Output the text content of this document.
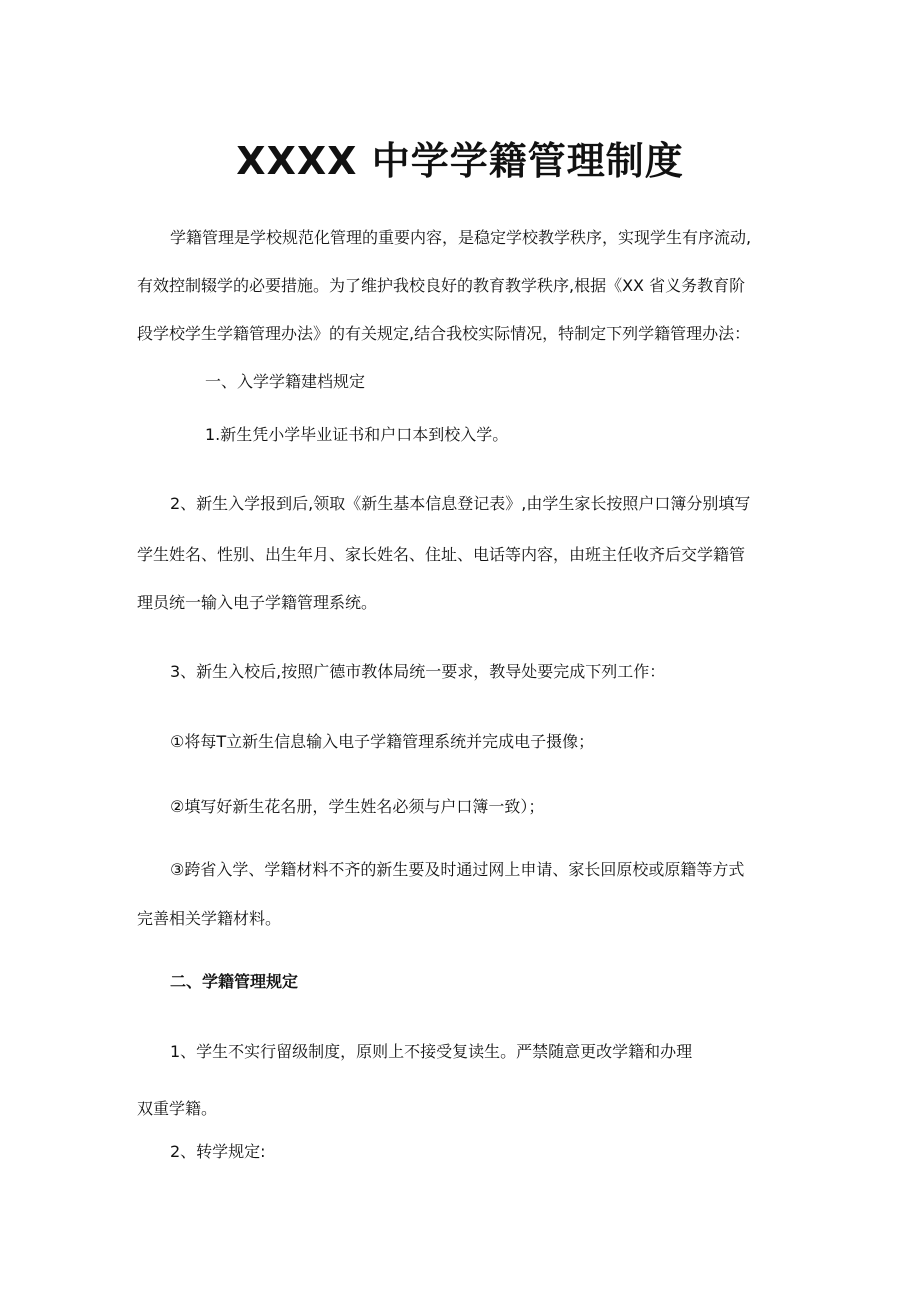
XXXX 中学学籍管理制度
学籍管理是学校规范化管理的重要内容，是稳定学校教学秩序，实现学生有序流动,
有效控制辍学的必要措施。为了维护我校良好的教育教学秩序,根据《XX 省义务教育阶
段学校学生学籍管理办法》的有关规定,结合我校实际情况，特制定下列学籍管理办法：
一、入学学籍建档规定
1.新生凭小学毕业证书和户口本到校入学。
2、新生入学报到后,领取《新生基本信息登记表》,由学生家长按照户口簿分别填写
学生姓名、性别、出生年月、家长姓名、住址、电话等内容，由班主任收齐后交学籍管
理员统一输入电子学籍管理系统。
3、新生入校后,按照广德市教体局统一要求，教导处要完成下列工作：
①将每T立新生信息输入电子学籍管理系统并完成电子摄像；
②填写好新生花名册，学生姓名必须与户口簿一致）；
③跨省入学、学籍材料不齐的新生要及时通过网上申请、家长回原校或原籍等方式
完善相关学籍材料。
二、学籍管理规定
1、学生不实行留级制度，原则上不接受复读生。严禁随意更改学籍和办理
双重学籍。
2、转学规定:
